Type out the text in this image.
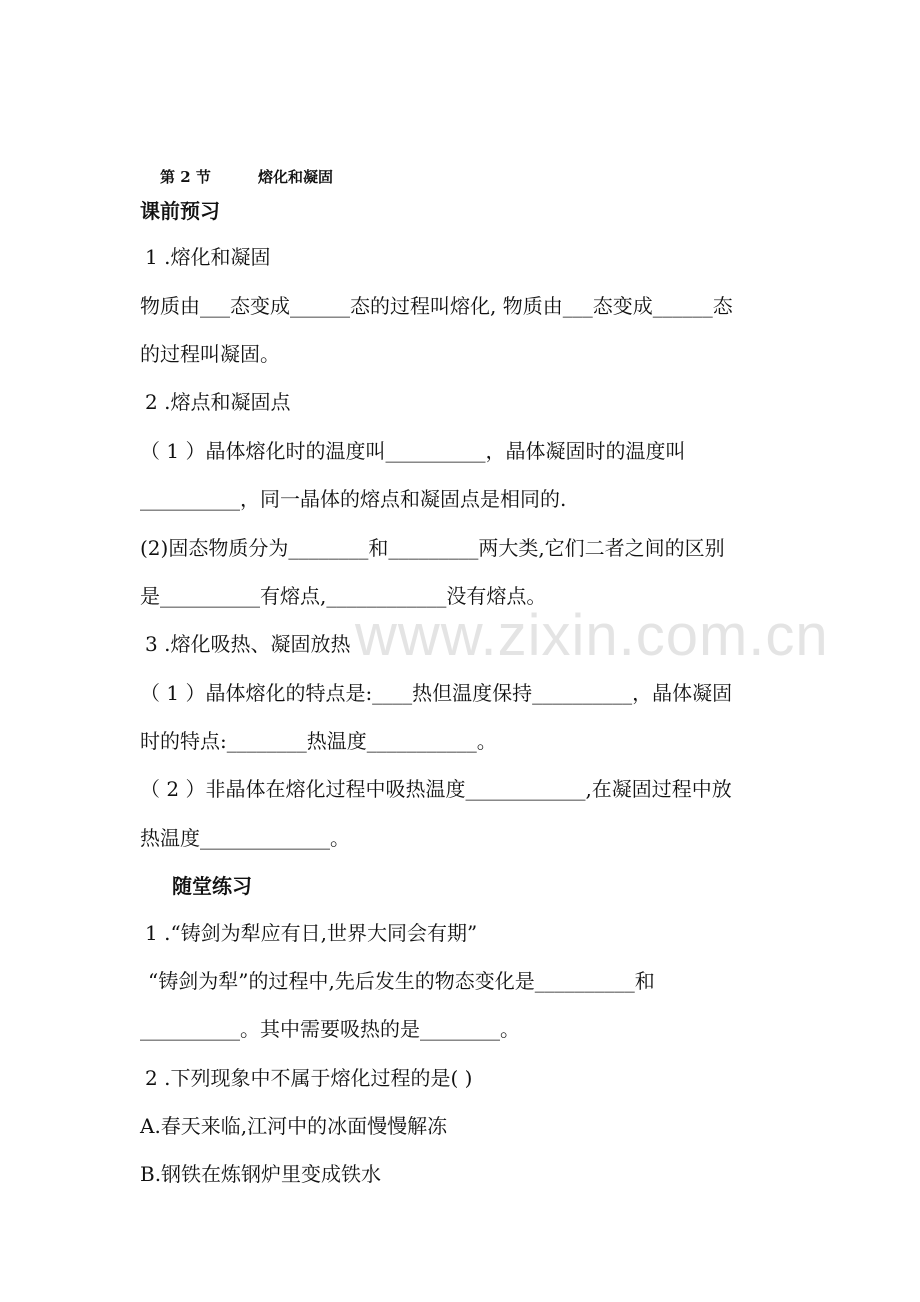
www.zixin.com.cn
第 2 节	熔化和凝固
课前预习
1 .熔化和凝固
物质由___态变成______态的过程叫熔化, 物质由___态变成______态
的过程叫凝固。
2 .熔点和凝固点
（ 1 ）晶体熔化时的温度叫__________，晶体凝固时的温度叫
__________，同一晶体的熔点和凝固点是相同的.
(2)固态物质分为________和_________两大类,它们二者之间的区别
是__________有熔点,____________没有熔点。
3 .熔化吸热、凝固放热
（ 1 ）晶体熔化的特点是:____热但温度保持__________，晶体凝固
时的特点:________热温度___________。
（ 2 ）非晶体在熔化过程中吸热温度____________,在凝固过程中放
热温度_____________。
随堂练习
1 .“铸剑为犁应有日,世界大同会有期”
“铸剑为犁”的过程中,先后发生的物态变化是__________和
__________。其中需要吸热的是________。
2 .下列现象中不属于熔化过程的是( )
A.春天来临,江河中的冰面慢慢解冻
B.钢铁在炼钢炉里变成铁水
